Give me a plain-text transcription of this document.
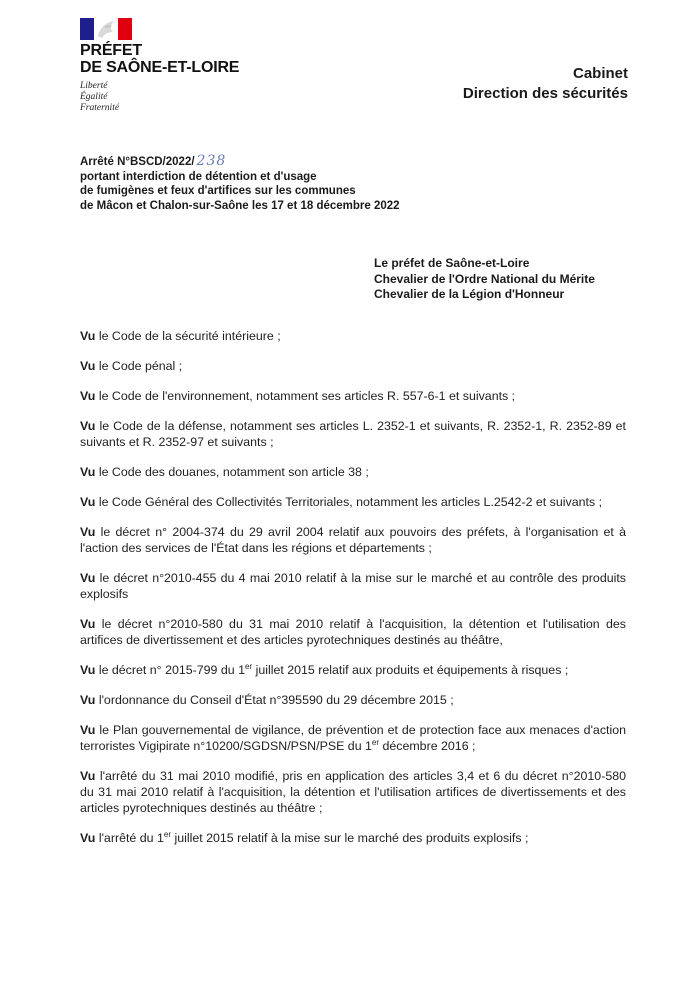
PRÉFET
DE SAÔNE-ET-LOIRE
Liberté
Égalité
Fraternité
Cabinet
Direction des sécurités
Arrêté N°BSCD/2022/ 238
portant interdiction de détention et d'usage
de fumigènes et feux d'artifices sur les communes
de Mâcon et Chalon-sur-Saône les 17 et 18 décembre 2022
Le préfet de Saône-et-Loire
Chevalier de l'Ordre National du Mérite
Chevalier de la Légion d'Honneur

Vu le Code de la sécurité intérieure ;

Vu le Code pénal ;

Vu le Code de l'environnement, notamment ses articles R. 557-6-1 et suivants ;

Vu le Code de la défense, notamment ses articles L. 2352-1 et suivants, R. 2352-1, R. 2352-89 et suivants et R. 2352-97 et suivants ;

Vu le Code des douanes, notamment son article 38 ;

Vu le Code Général des Collectivités Territoriales, notamment les articles L.2542-2 et suivants ;

Vu le décret n° 2004-374 du 29 avril 2004 relatif aux pouvoirs des préfets, à l'organisation et à l'action des services de l'État dans les régions et départements ;

Vu le décret n°2010-455 du 4 mai 2010 relatif à la mise sur le marché et au contrôle des produits explosifs

Vu le décret n°2010-580 du 31 mai 2010 relatif à l'acquisition, la détention et l'utilisation des artifices de divertissement et des articles pyrotechniques destinés au théâtre,

Vu le décret n° 2015-799 du 1er juillet 2015 relatif aux produits et équipements à risques ;

Vu l'ordonnance du Conseil d'État n°395590 du 29 décembre 2015 ;

Vu le Plan gouvernemental de vigilance, de prévention et de protection face aux menaces d'action terroristes Vigipirate n°10200/SGDSN/PSN/PSE du 1er décembre 2016 ;

Vu l'arrêté du 31 mai 2010 modifié, pris en application des articles 3,4 et 6 du décret n°2010-580 du 31 mai 2010 relatif à l'acquisition, la détention et l'utilisation artifices de divertissements et des articles pyrotechniques destinés au théâtre ;

Vu l'arrêté du 1er juillet 2015 relatif à la mise sur le marché des produits explosifs ;
